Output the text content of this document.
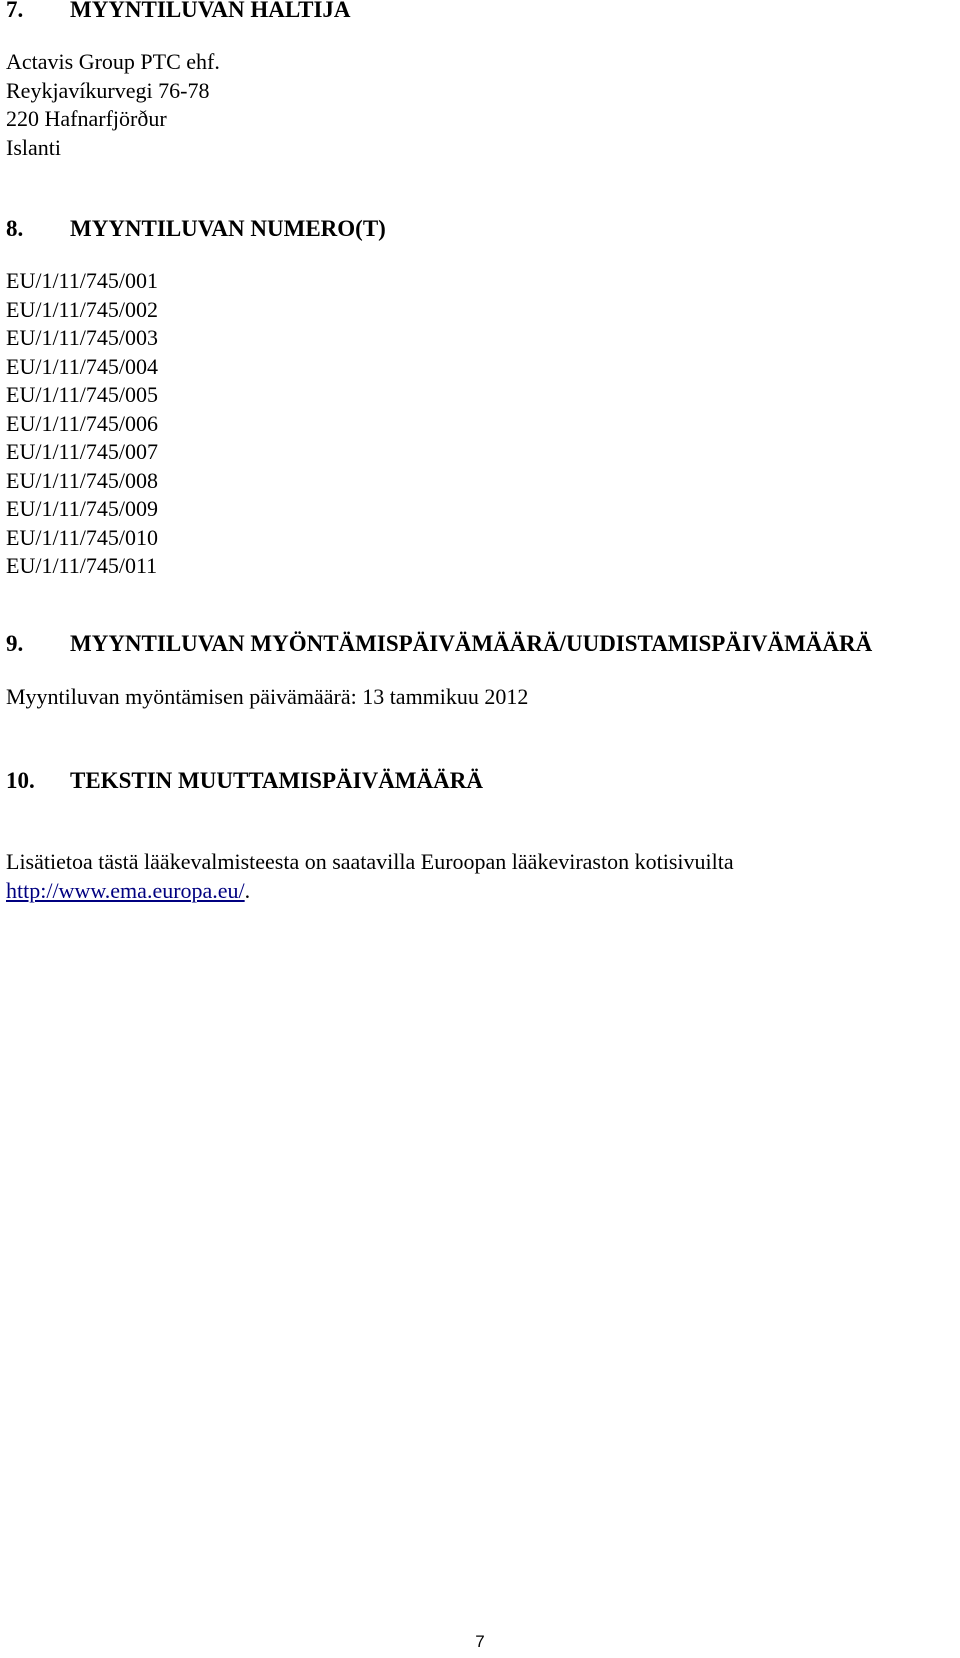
7. MYYNTILUVAN HALTIJA
Actavis Group PTC ehf.
Reykjavíkurvegi 76-78
220 Hafnarfjörður
Islanti
8. MYYNTILUVAN NUMERO(T)
EU/1/11/745/001
EU/1/11/745/002
EU/1/11/745/003
EU/1/11/745/004
EU/1/11/745/005
EU/1/11/745/006
EU/1/11/745/007
EU/1/11/745/008
EU/1/11/745/009
EU/1/11/745/010
EU/1/11/745/011
9. MYYNTILUVAN MYÖNTÄMISPÄIVÄMÄÄRÄ/UUDISTAMISPÄIVÄMÄÄRÄ
Myyntiluvan myöntämisen päivämäärä: 13 tammikuu 2012
10. TEKSTIN MUUTTAMISPÄIVÄMÄÄRÄ
Lisätietoa tästä lääkevalmisteesta on saatavilla Euroopan lääkeviraston kotisivuilta
http://www.ema.europa.eu/.
7
